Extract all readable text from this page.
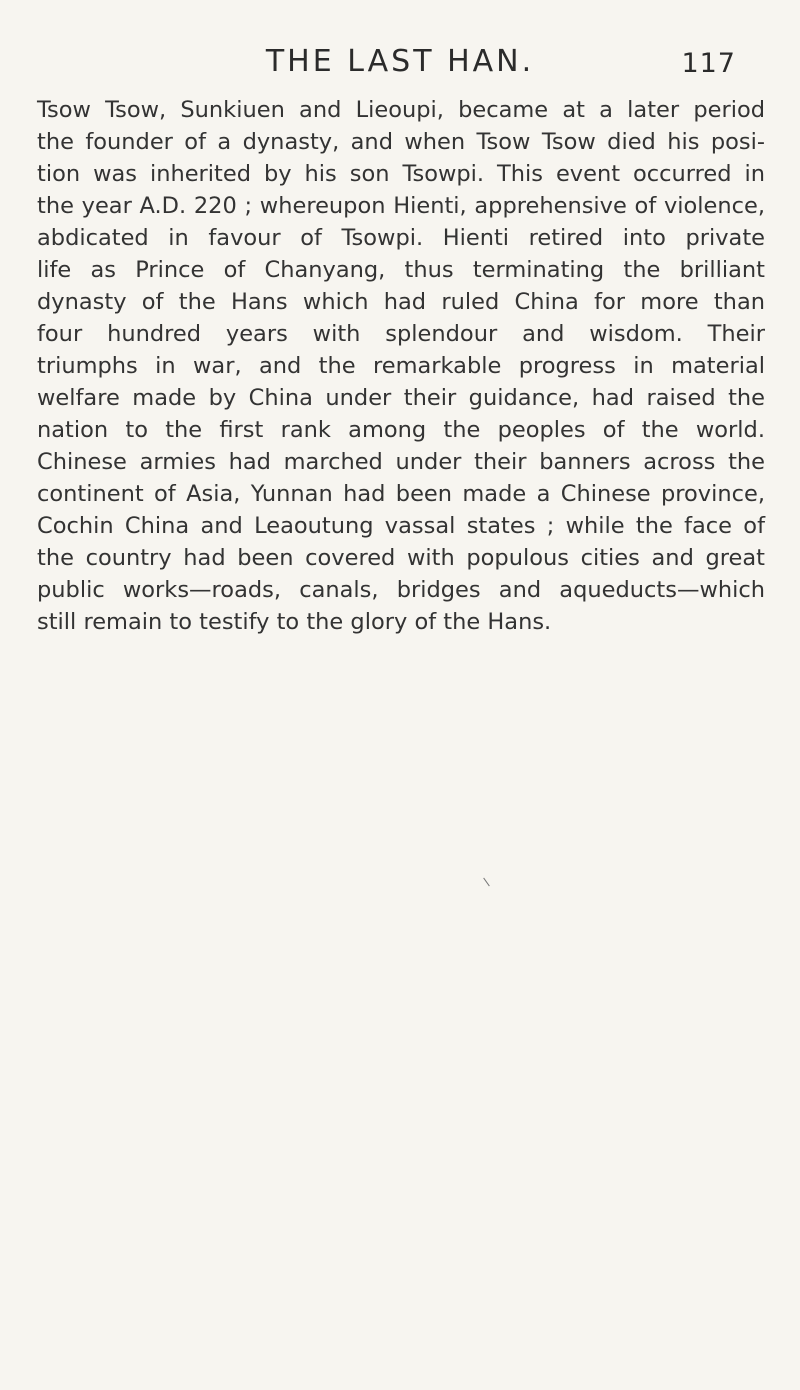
THE LAST HAN.	117
Tsow Tsow, Sunkiuen and Lieoupi, became at a later period
the founder of a dynasty, and when Tsow Tsow died his posi-
tion was inherited by his son Tsowpi. This event occurred in
the year A.D. 220 ; whereupon Hienti, apprehensive of violence,
abdicated in favour of Tsowpi. Hienti retired into private
life as Prince of Chanyang, thus terminating the brilliant
dynasty of the Hans which had ruled China for more than
four hundred years with splendour and wisdom. Their
triumphs in war, and the remarkable progress in material
welfare made by China under their guidance, had raised the
nation to the first rank among the peoples of the world.
Chinese armies had marched under their banners across the
continent of Asia, Yunnan had been made a Chinese province,
Cochin China and Leaoutung vassal states ; while the face of
the country had been covered with populous cities and great
public works—roads, canals, bridges and aqueducts—which
still remain to testify to the glory of the Hans.
